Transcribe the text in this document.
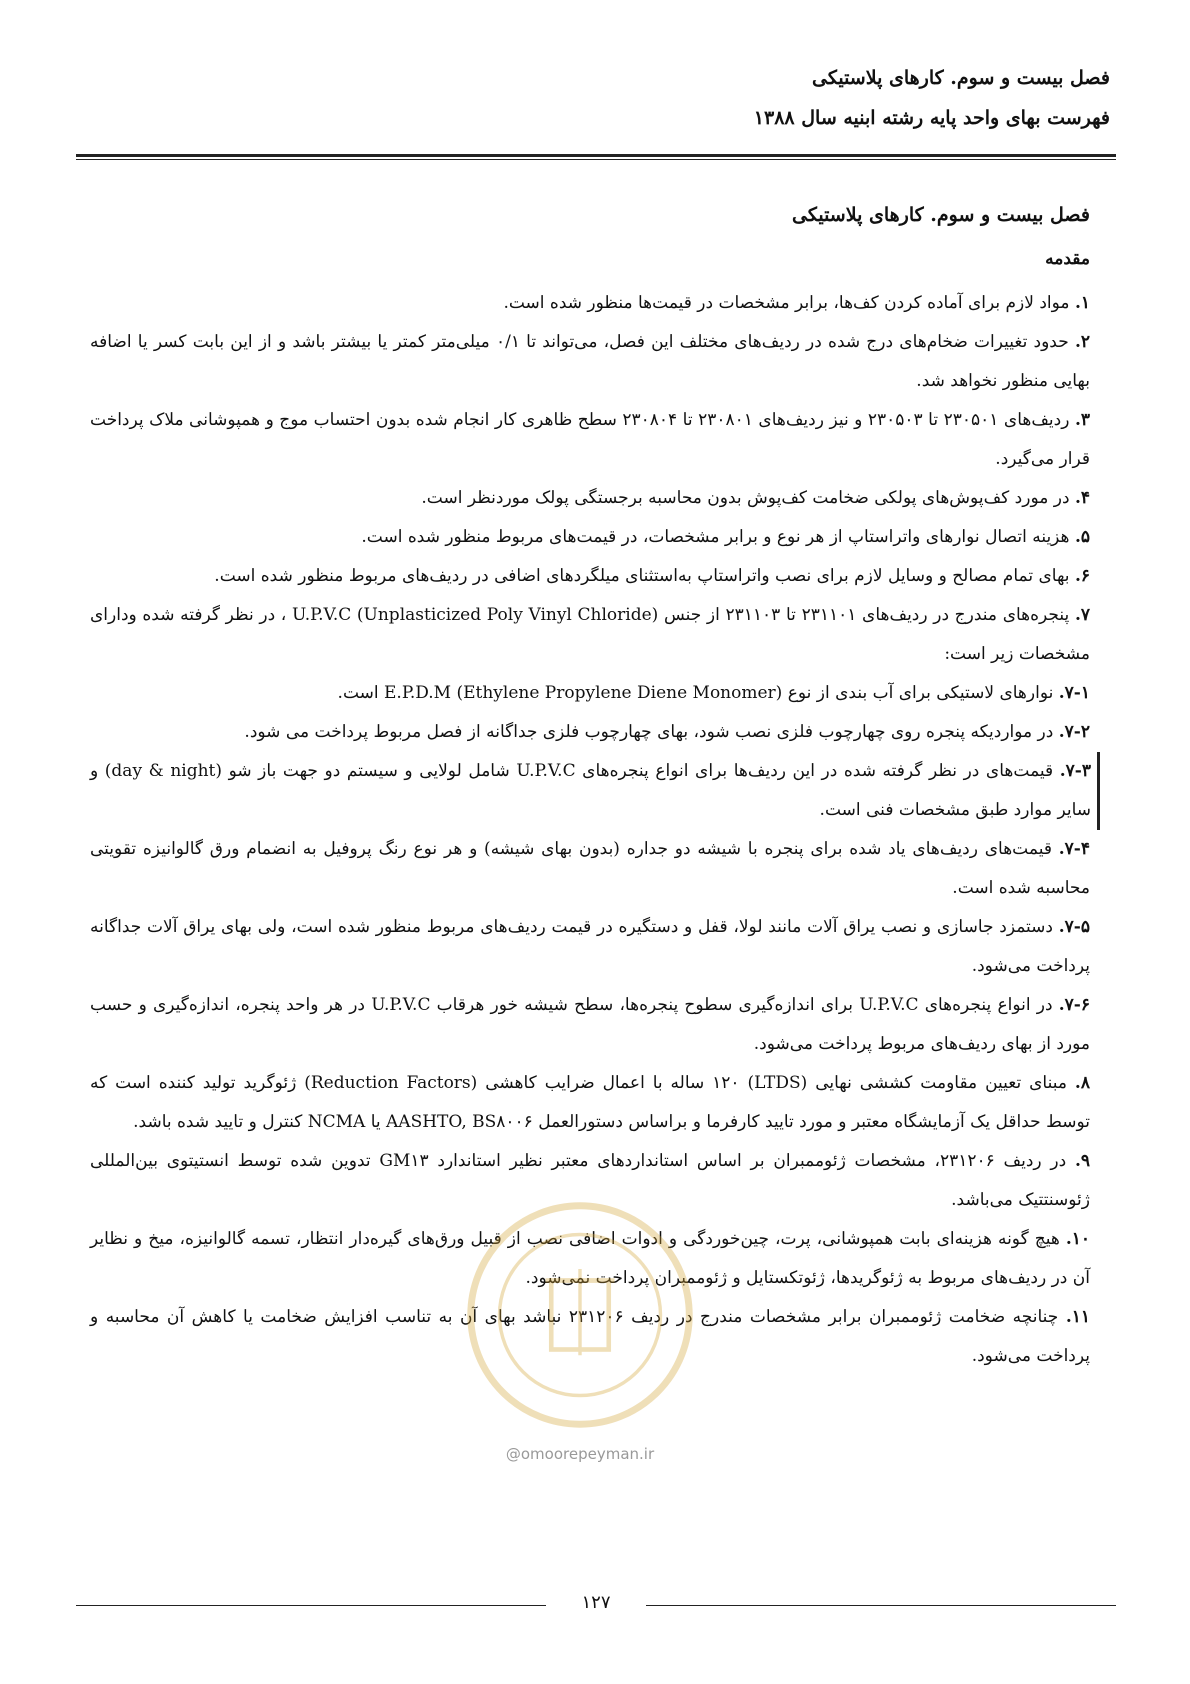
فصل بیست و سوم. کارهای پلاستیکی
فهرست بهای واحد پایه رشته ابنیه سال ۱۳۸۸
فصل بیست و سوم. کارهای پلاستیکی
مقدمه

۱. مواد لازم برای آماده کردن کف‌ها، برابر مشخصات در قیمت‌ها منظور شده است.

۲. حدود تغییرات ضخام‌های درج شده در ردیف‌های مختلف این فصل، می‌تواند تا ۰/۱ میلی‌متر کمتر یا بیشتر باشد و از این بابت کسر یا اضافه بهایی منظور نخواهد شد.

۳. ردیف‌های ۲۳۰۵۰۱ تا ۲۳۰۵۰۳ و نیز ردیف‌های ۲۳۰۸۰۱ تا ۲۳۰۸۰۴ سطح ظاهری کار انجام شده بدون احتساب موج و همپوشانی ملاک پرداخت قرار می‌گیرد.

۴. در مورد کف‌پوش‌های پولکی ضخامت کف‌پوش بدون محاسبه برجستگی پولک موردنظر است.

۵. هزینه اتصال نوارهای واتراستاپ از هر نوع و برابر مشخصات، در قیمت‌های مربوط منظور شده است.

۶. بهای تمام مصالح و وسایل لازم برای نصب واتراستاپ به‌استثنای میلگردهای اضافی در ردیف‌های مربوط منظور شده است.

۷. پنجره‌های مندرج در ردیف‌های ۲۳۱۱۰۱ تا ۲۳۱۱۰۳ از جنس U.P.V.C (Unplasticized Poly Vinyl Chloride) ، در نظر گرفته شده ودارای مشخصات زیر است:

۷-۱. نوارهای لاستیکی برای آب بندی از نوع E.P.D.M (Ethylene Propylene Diene Monomer) است.

۷-۲. در مواردیکه پنجره روی چهارچوب فلزی نصب شود، بهای چهارچوب فلزی جداگانه از فصل مربوط پرداخت می شود.

۷-۳. قیمت‌های در نظر گرفته شده در این ردیف‌ها برای انواع پنجره‌های U.P.V.C شامل لولایی و سیستم دو جهت باز شو (day & night) و سایر موارد طبق مشخصات فنی است.

۷-۴. قیمت‌های ردیف‌های یاد شده برای پنجره با شیشه دو جداره (بدون بهای شیشه) و هر نوع رنگ پروفیل به انضمام ورق گالوانیزه تقویتی محاسبه شده است.

۷-۵. دستمزد جاسازی و نصب یراق آلات مانند لولا، قفل و دستگیره در قیمت ردیف‌های مربوط منظور شده است، ولی بهای یراق آلات جداگانه پرداخت می‌شود.

۷-۶. در انواع پنجره‌های U.P.V.C برای اندازه‌گیری سطوح پنجره‌ها، سطح شیشه خور هرقاب U.P.V.C در هر واحد پنجره، اندازه‌گیری و حسب مورد از بهای ردیف‌های مربوط پرداخت می‌شود.

۸. مبنای تعیین مقاومت کششی نهایی (LTDS) ۱۲۰ ساله با اعمال ضرایب کاهشی (Reduction Factors) ژئوگرید تولید کننده است که توسط حداقل یک آزمایشگاه معتبر و مورد تایید کارفرما و براساس دستورالعمل AASHTO, BS۸۰۰۶ یا NCMA کنترل و تایید شده باشد.

۹. در ردیف ۲۳۱۲۰۶، مشخصات ژئوممبران بر اساس استانداردهای معتبر نظیر استاندارد GM۱۳ تدوین شده توسط انستیتوی بین‌المللی ژئوسنتتیک می‌باشد.

۱۰. هیچ گونه هزینه‌ای بابت همپوشانی، پرت، چین‌خوردگی و ادوات اضافی نصب از قبیل ورق‌های گیره‌دار انتظار، تسمه گالوانیزه، میخ و نظایر آن در ردیف‌های مربوط به ژئوگریدها، ژئوتکستایل و ژئوممبران پرداخت نمی‌شود.

۱۱. چنانچه ضخامت ژئوممبران برابر مشخصات مندرج در ردیف ۲۳۱۲۰۶ نباشد بهای آن به تناسب افزایش ضخامت یا کاهش آن محاسبه و پرداخت می‌شود.

@omoorepeyman.ir
۱۲۷
